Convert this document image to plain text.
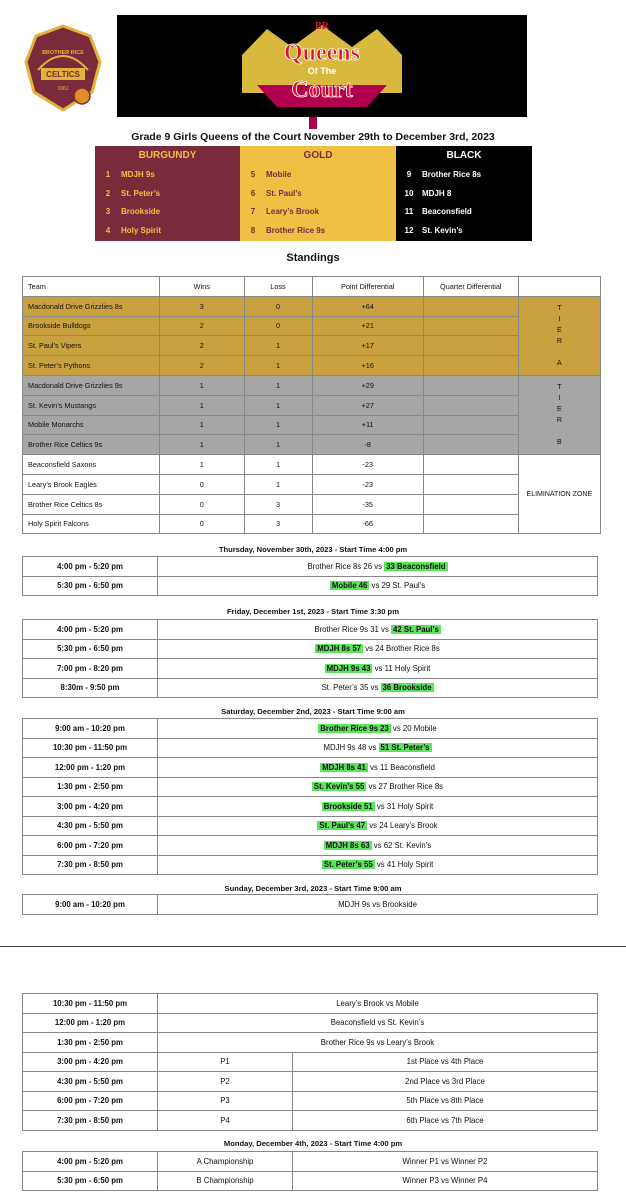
CELTICS
BROTHER RICE
1961
BR
Queens
Of The
Court
Grade 9 Girls Queens of the Court November 29th to December 3rd, 2023
BURGUNDY
1	MDJH 9s
2	St. Peter’s
3	Brookside
4	Holy Spirit
GOLD
5	Mobile
6	St. Paul’s
7	Leary’s Brook
8	Brother Rice 9s
BLACK
9	Brother Rice 8s
10	MDJH 8
11	Beaconsfield
12	St. Kevin’s
Standings
Team	Wins	Loss	Point Differential	Quarter Differential	
Macdonald Drive Grizzlies 8s	3	0	+64		T
I
E
R

A
Brookside Bulldogs	2	0	+21		
St. Paul’s Vipers	2	1	+17		
St. Peter’s Pythons	2	1	+16		
Macdonald Drive Grizzlies 9s	1	1	+29		T
I
E
R

B
St. Kevin’s Mustangs	1	1	+27		
Mobile Monarchs	1	1	+11		
Brother Rice Celtics 9s	1	1	-8		
Beaconsfield Saxons	1	1	-23		ELIMINATION ZONE
Leary’s Brook Eagles	0	1	-23		
Brother Rice Celtics 8s	0	3	-35		
Holy Spirit Falcons	0	3	-66		
Thursday, November 30th, 2023 - Start Time 4:00 pm
4:00 pm - 5:20 pm	Brother Rice 8s 26 vs 33 Beaconsfield
5:30 pm - 6:50 pm	Mobile 46 vs 29 St. Paul’s
Friday, December 1st, 2023 - Start Time 3:30 pm
4:00 pm - 5:20 pm	Brother Rice 9s 31 vs 42 St. Paul’s
5:30 pm - 6:50 pm	MDJH 8s 57 vs 24 Brother Rice 8s
7:00 pm - 8:20 pm	MDJH 9s 43 vs 11 Holy Spirit
8:30m - 9:50 pm	St. Peter’s 35 vs 36 Brookside
Saturday, December 2nd, 2023 - Start Time 9:00 am
9:00 am - 10:20 pm	Brother Rice 9s 23 vs 20 Mobile
10:30 pm - 11:50 pm	MDJH 9s 48 vs 51 St. Peter’s
12:00 pm - 1:20 pm	MDJH 8s 41 vs 11 Beaconsfield
1:30 pm - 2:50 pm	St. Kevin’s 55 vs 27 Brother Rice 8s
3:00 pm - 4:20 pm	Brookside 51 vs 31 Holy Spirit
4:30 pm - 5:50 pm	St. Paul’s 47 vs 24 Leary’s Brook
6:00 pm - 7:20 pm	MDJH 8s 63 vs 62 St. Kevin’s
7:30 pm - 8:50 pm	St. Peter’s 55 vs 41 Holy Spirit
Sunday, December 3rd, 2023 - Start Time 9:00 am
9:00 am - 10:20 pm	MDJH 9s vs Brookside
10:30 pm - 11:50 pm	Leary’s Brook vs Mobile	
12:00 pm - 1:20 pm	Beaconsfield vs St. Kevin’s	
1:30 pm - 2:50 pm	Brother Rice 9s vs Leary’s Brook	
3:00 pm - 4:20 pm	P1	1st Place vs 4th Place
4:30 pm - 5:50 pm	P2	2nd Place vs 3rd Place
6:00 pm - 7:20 pm	P3	5th Place vs 8th Place
7:30 pm - 8:50 pm	P4	6th Place vs 7th Place
Monday, December 4th, 2023 - Start Time 4:00 pm
4:00 pm - 5:20 pm	A Championship	Winner P1 vs Winner P2
5:30 pm - 6:50 pm	B Championship	Winner P3 vs Winner P4
